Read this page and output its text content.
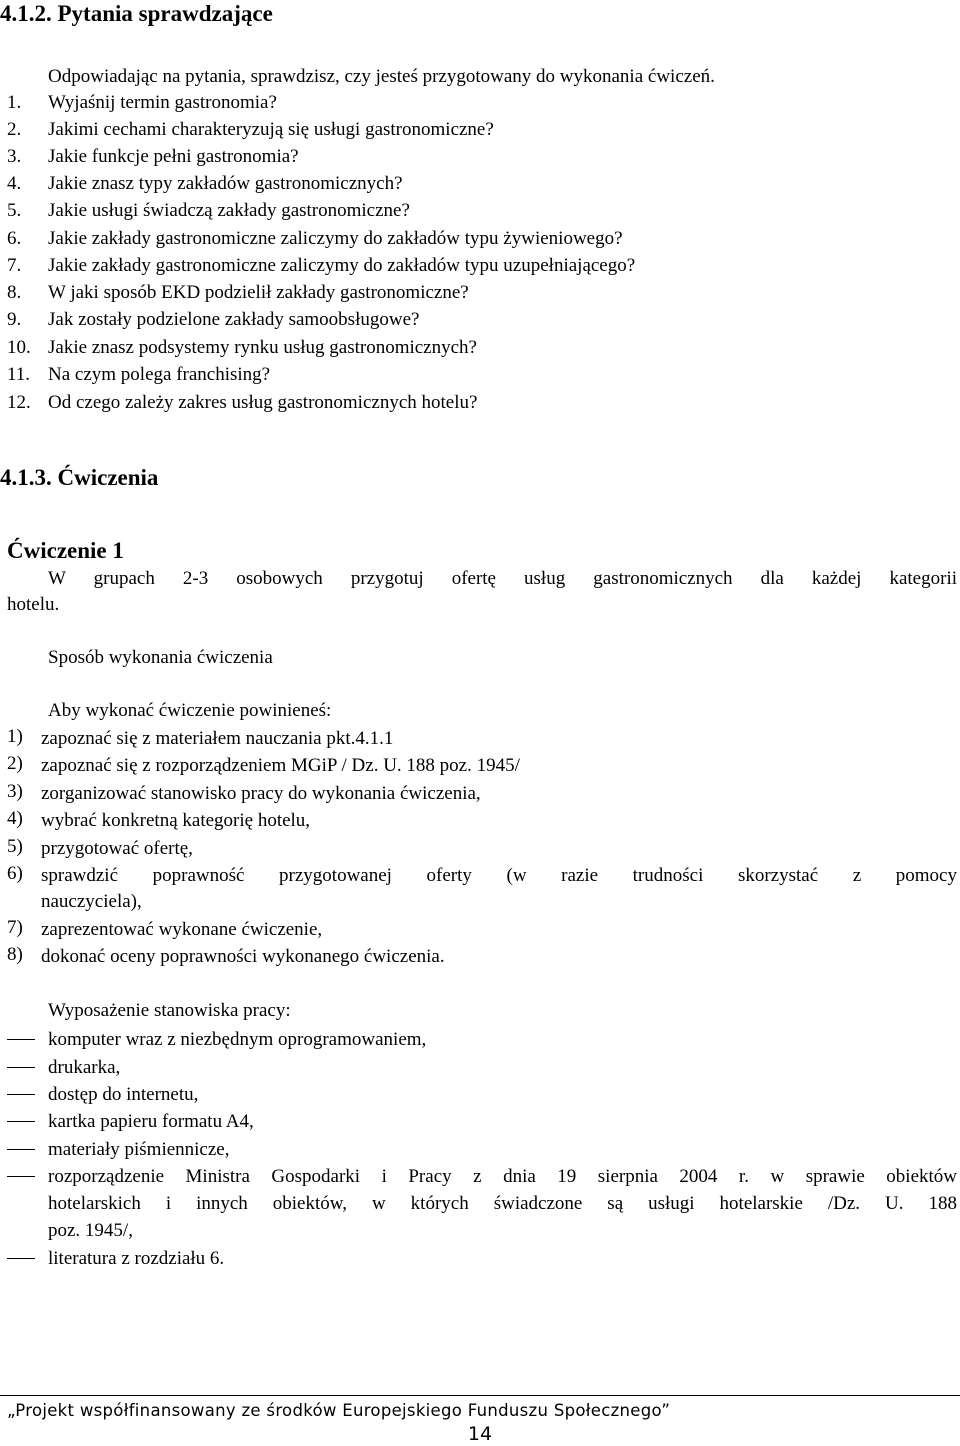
4.1.2. Pytania sprawdzające
Odpowiadając na pytania, sprawdzisz, czy jesteś przygotowany do wykonania ćwiczeń.
1. Wyjaśnij termin gastronomia?
2. Jakimi cechami charakteryzują się usługi gastronomiczne?
3. Jakie funkcje pełni gastronomia?
4. Jakie znasz typy zakładów gastronomicznych?
5. Jakie usługi świadczą zakłady gastronomiczne?
6. Jakie zakłady gastronomiczne zaliczymy do zakładów typu żywieniowego?
7. Jakie zakłady gastronomiczne zaliczymy do zakładów typu uzupełniającego?
8. W jaki sposób EKD podzielił zakłady gastronomiczne?
9. Jak zostały podzielone zakłady samoobsługowe?
10. Jakie znasz podsystemy rynku usług gastronomicznych?
11. Na czym polega franchising?
12. Od czego zależy zakres usług gastronomicznych hotelu?
4.1.3. Ćwiczenia
Ćwiczenie 1
W grupach 2-3 osobowych przygotuj ofertę usług gastronomicznych dla każdej kategorii
hotelu.
Sposób wykonania ćwiczenia
Aby wykonać ćwiczenie powinieneś:
1) zapoznać się z materiałem nauczania pkt.4.1.1
2) zapoznać się z rozporządzeniem MGiP / Dz. U. 188 poz. 1945/
3) zorganizować stanowisko pracy do wykonania ćwiczenia,
4) wybrać konkretną kategorię hotelu,
5) przygotować ofertę,
6) sprawdzić poprawność przygotowanej oferty (w razie trudności skorzystać z pomocy
nauczyciela),
7) zaprezentować wykonane ćwiczenie,
8) dokonać oceny poprawności wykonanego ćwiczenia.
Wyposażenie stanowiska pracy:
komputer wraz z niezbędnym oprogramowaniem,
drukarka,
dostęp do internetu,
kartka papieru formatu A4,
materiały piśmiennicze,
rozporządzenie Ministra Gospodarki i Pracy z dnia 19 sierpnia 2004 r. w sprawie obiektów
hotelarskich i innych obiektów, w których świadczone są usługi hotelarskie /Dz. U. 188
poz. 1945/,
literatura z rozdziału 6.
„Projekt współfinansowany ze środków Europejskiego Funduszu Społecznego”
14
